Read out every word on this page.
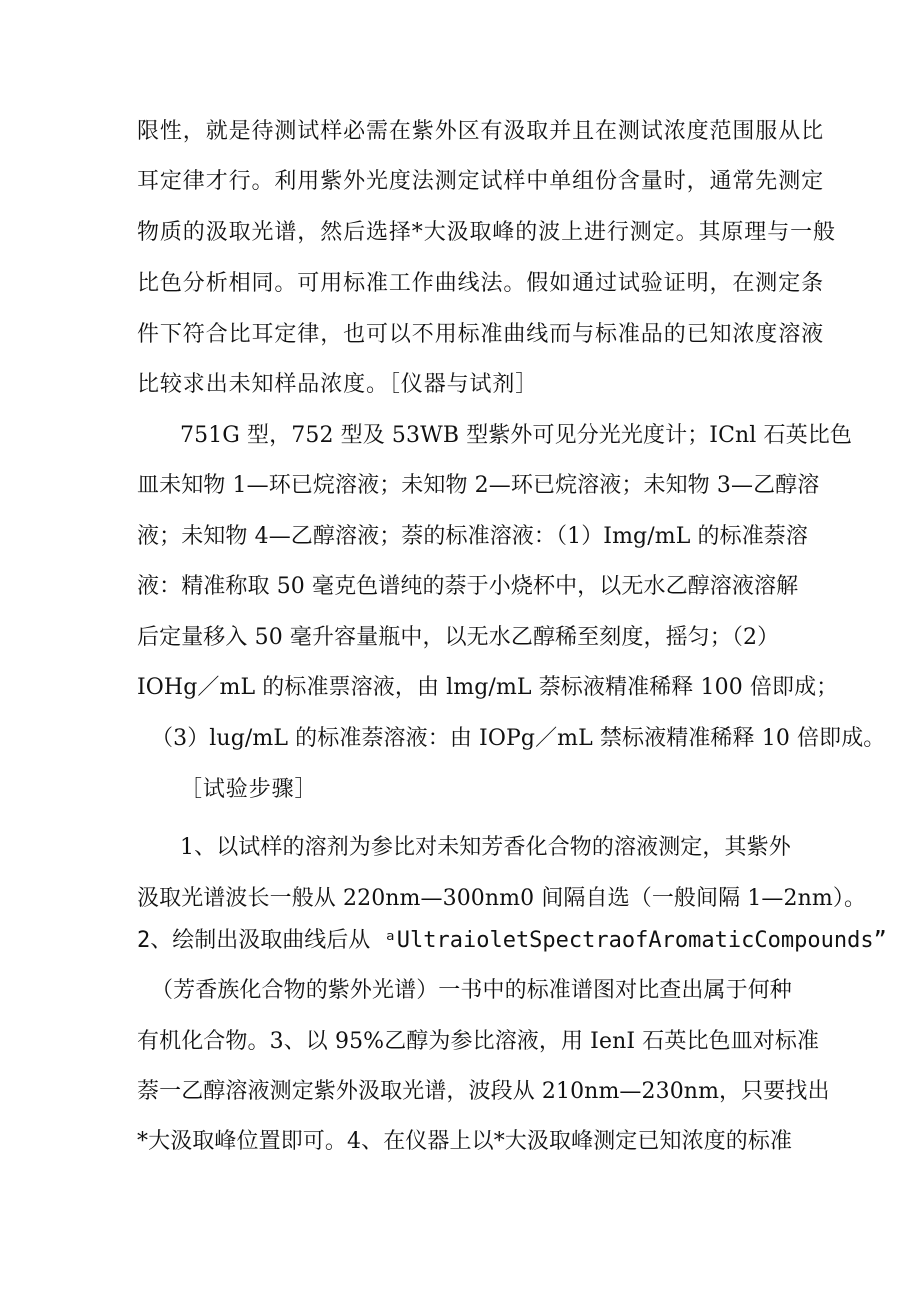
限性，就是待测试样必需在紫外区有汲取并且在测试浓度范围服从比
耳定律才行。利用紫外光度法测定试样中单组份含量时，通常先测定
物质的汲取光谱，然后选择*大汲取峰的波上进行测定。其原理与一般
比色分析相同。可用标准工作曲线法。假如通过试验证明，在测定条
件下符合比耳定律，也可以不用标准曲线而与标准品的已知浓度溶液
比较求出未知样品浓度。［仪器与试剂］
751G 型，752 型及 53WB 型紫外可见分光光度计；ICnl 石英比色
皿未知物 1—环已烷溶液；未知物 2—环已烷溶液；未知物 3—乙醇溶
液；未知物 4—乙醇溶液；萘的标准溶液：（1）Img/mL 的标准萘溶
液：精准称取 50 毫克色谱纯的萘于小烧杯中，以无水乙醇溶液溶解
后定量移入 50 毫升容量瓶中，以无水乙醇稀至刻度，摇匀；（2）
IOHg／mL 的标准票溶液，由 lmg/mL 萘标液精准稀释 100 倍即成；
（3）lug/mL 的标准萘溶液：由 IOPg／mL 禁标液精准稀释 10 倍即成。
［试验步骤］
1、以试样的溶剂为参比对未知芳香化合物的溶液测定，其紫外
汲取光谱波长一般从 220nm—300nm0 间隔自选（一般间隔 1—2nm）。
2、绘制出汲取曲线后从 ᵃUltraioletSpectraofAromaticCompounds”
（芳香族化合物的紫外光谱）一书中的标准谱图对比查出属于何种
有机化合物。3、以 95%乙醇为参比溶液，用 IenI 石英比色皿对标准
萘一乙醇溶液测定紫外汲取光谱，波段从 210nm—230nm，只要找出
*大汲取峰位置即可。4、在仪器上以*大汲取峰测定已知浓度的标准
